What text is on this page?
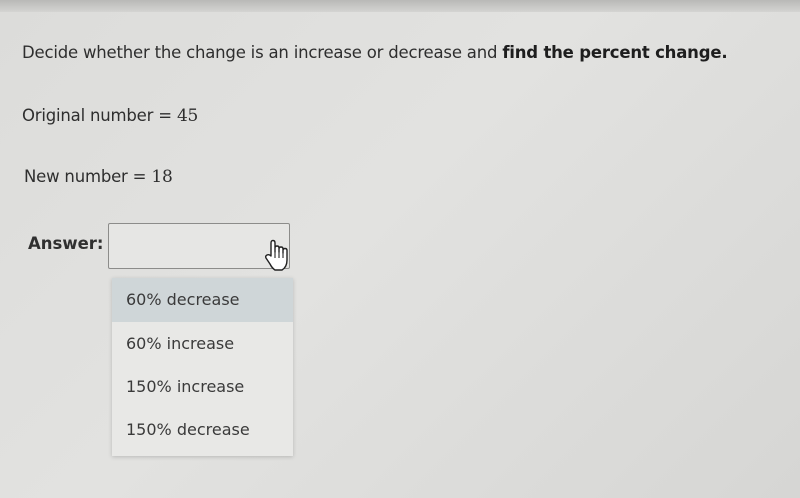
Decide whether the change is an increase or decrease and find the percent change.
Original number = 45
New number = 18
Answer:
60% decrease
60% increase
150% increase
150% decrease
